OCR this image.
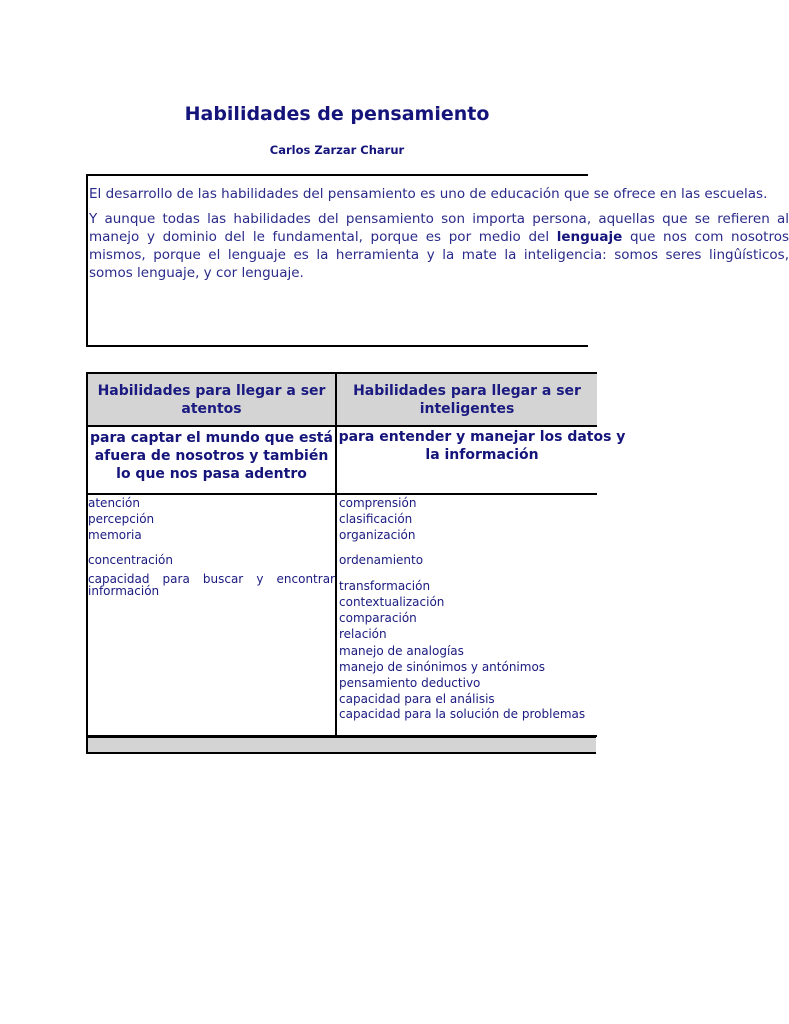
Habilidades de pensamiento
Carlos Zarzar Charur

El desarrollo de las habilidades del pensamiento es uno de educación que se ofrece en las escuelas.

Y aunque todas las habilidades del pensamiento son importa persona, aquellas que se refieren al manejo y dominio del le fundamental, porque es por medio del lenguaje que nos com nosotros mismos, porque el lenguaje es la herramienta y la mate la inteligencia: somos seres lingûísticos, somos lenguaje, y cor lenguaje.

Habilidades para llegar a ser atentos
Habilidades para llegar a ser inteligentes
para captar el mundo que está afuera de nosotros y también lo que nos pasa adentro
para entender y manejar los datos y la información
atención
percepción
memoria
concentración
capacidad para buscar y encontrar información
comprensión
clasificación
organización
ordenamiento
transformación
contextualización
comparación
relación
manejo de analogías
manejo de sinónimos y antónimos
pensamiento deductivo
capacidad para el análisis
capacidad para la solución de problemas
